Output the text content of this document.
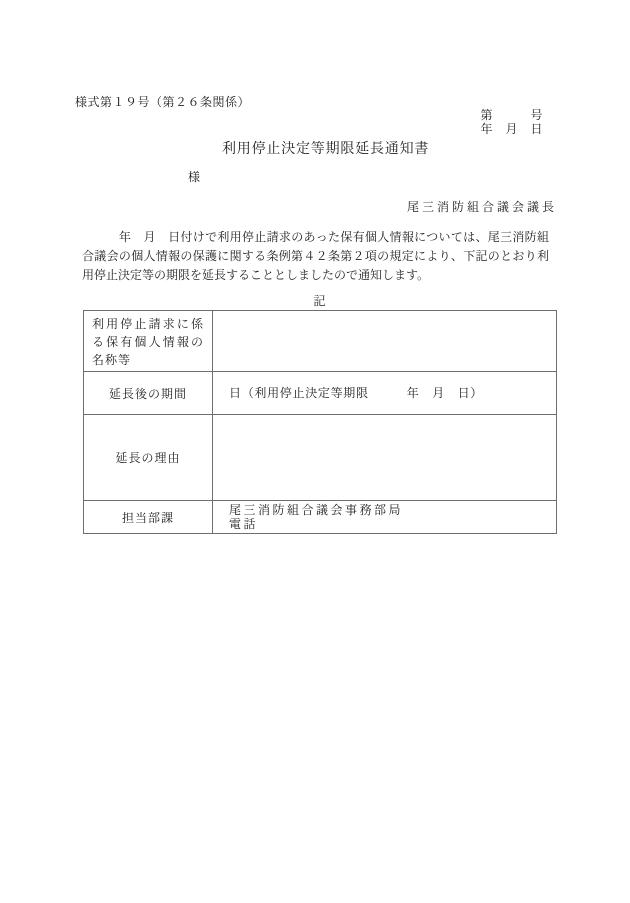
様式第１９号（第２６条関係）
第　　　号
年　月　日
利用停止決定等期限延長通知書
様
尾三消防組合議会議長

　　　年　月　日付けで利用停止請求のあった保有個人情報については、尾三消防組合議会の個人情報の保護に関する条例第４２条第２項の規定により、下記のとおり利用停止決定等の期限を延長することとしましたので通知します。

記
利用停止請求に係る保有個人情報の名称等	
延長後の期間	日（利用停止決定等期限　　　年　月　日）
延長の理由	
担当部課	尾三消防組合議会事務部局
電話
